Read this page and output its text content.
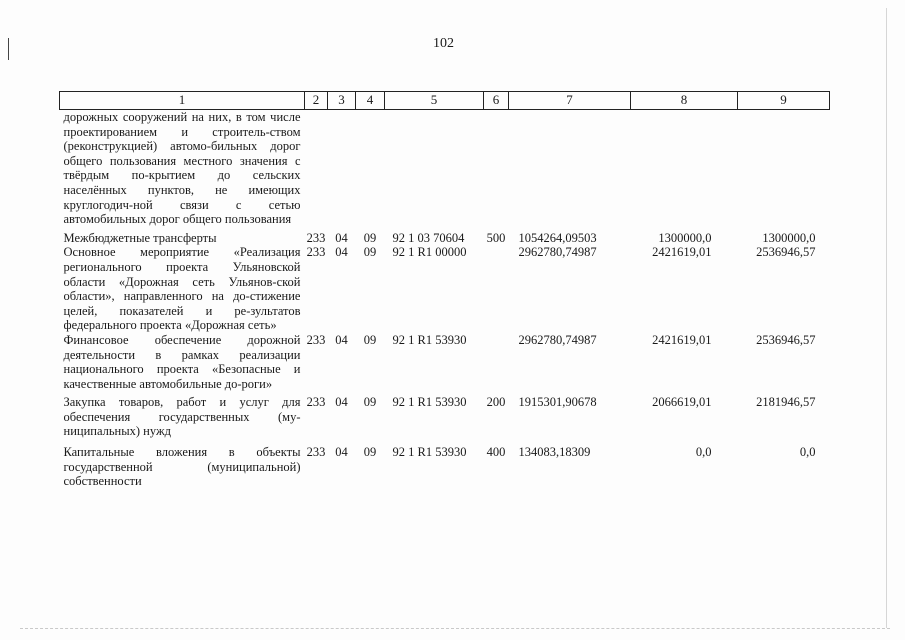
102
1	2	3	4	5	6	7	8	9
дорожных сооружений на них, в том числе проектированием и строитель-ством (реконструкцией) автомо-бильных дорог общего пользования местного значения с твёрдым по-крытием до сельских населённых пунктов, не имеющих круглогодич-ной связи с сетью автомобильных дорог общего пользования								
Межбюджетные трансферты	233	04	09	92 1 03 70604	500	1054264,09503	1300000,0	1300000,0
Основное мероприятие «Реализация регионального проекта Ульяновской области «Дорожная сеть Ульянов-ской области», направленного на до-стижение целей, показателей и ре-зультатов федерального проекта «Дорожная сеть»	233	04	09	92 1 R1 00000		2962780,74987	2421619,01	2536946,57
Финансовое обеспечение дорожной деятельности в рамках реализации национального проекта «Безопасные и качественные автомобильные до-роги»	233	04	09	92 1 R1 53930		2962780,74987	2421619,01	2536946,57
Закупка товаров, работ и услуг для обеспечения государственных (му-ниципальных) нужд	233	04	09	92 1 R1 53930	200	1915301,90678	2066619,01	2181946,57
Капитальные вложения в объекты государственной (муниципальной) собственности	233	04	09	92 1 R1 53930	400	134083,18309	0,0	0,0
